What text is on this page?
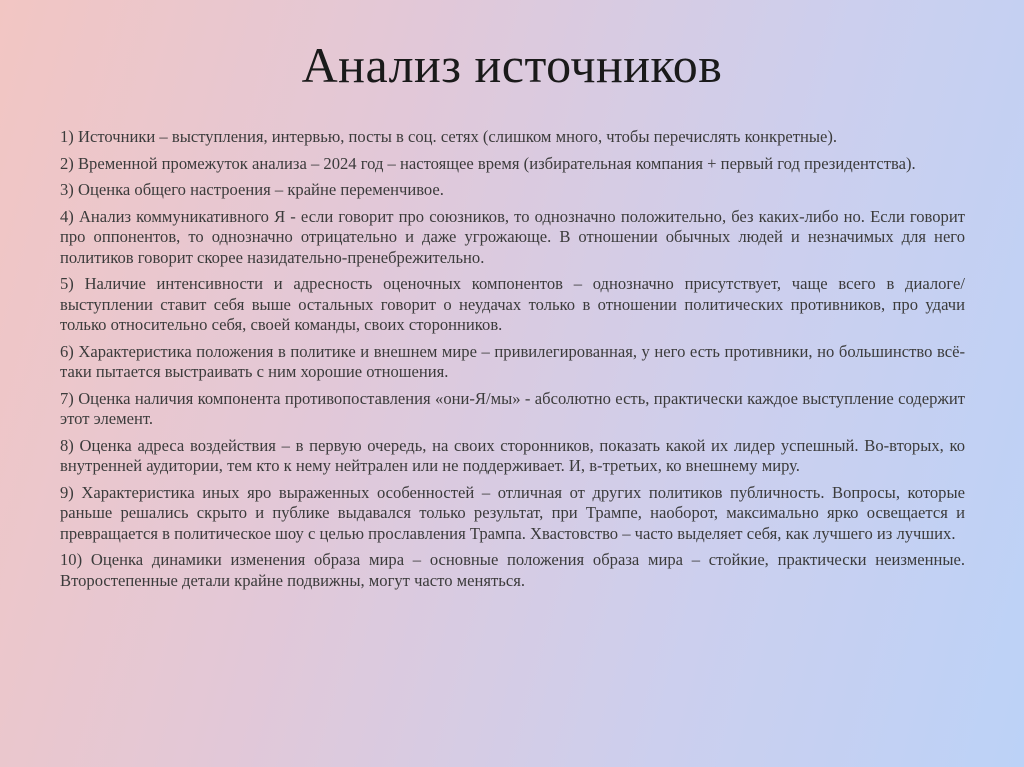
Анализ источников

1) Источники – выступления, интервью, посты в соц. сетях (слишком много, чтобы перечислять конкретные).

2) Временной промежуток анализа – 2024 год – настоящее время (избирательная компания + первый год президентства).

3) Оценка общего настроения – крайне переменчивое.

4) Анализ коммуникативного Я - если говорит про союзников, то однозначно положительно, без каких-либо но. Если говорит про оппонентов, то однозначно отрицательно и даже угрожающе. В отношении обычных людей и незначимых для него политиков говорит скорее назидательно-пренебрежительно.

5) Наличие интенсивности и адресность оценочных компонентов – однозначно присутствует, чаще всего в диалоге/выступлении ставит себя выше остальных говорит о неудачах только в отношении политических противников, про удачи только относительно себя, своей команды, своих сторонников.

6) Характеристика положения в политике и внешнем мире – привилегированная, у него есть противники, но большинство всё-таки пытается выстраивать с ним хорошие отношения.

7) Оценка наличия компонента противопоставления «они-Я/мы» - абсолютно есть, практически каждое выступление содержит этот элемент.

8) Оценка адреса воздействия – в первую очередь, на своих сторонников, показать какой их лидер успешный. Во-вторых, ко внутренней аудитории, тем кто к нему нейтрален или не поддерживает. И, в-третьих, ко внешнему миру.

9) Характеристика иных яро выраженных особенностей – отличная от других политиков публичность. Вопросы, которые раньше решались скрыто и публике выдавался только результат, при Трампе, наоборот, максимально ярко освещается и превращается в политическое шоу с целью прославления Трампа. Хвастовство – часто выделяет себя, как лучшего из лучших.

10) Оценка динамики изменения образа мира – основные положения образа мира – стойкие, практически неизменные. Второстепенные детали крайне подвижны, могут часто меняться.
